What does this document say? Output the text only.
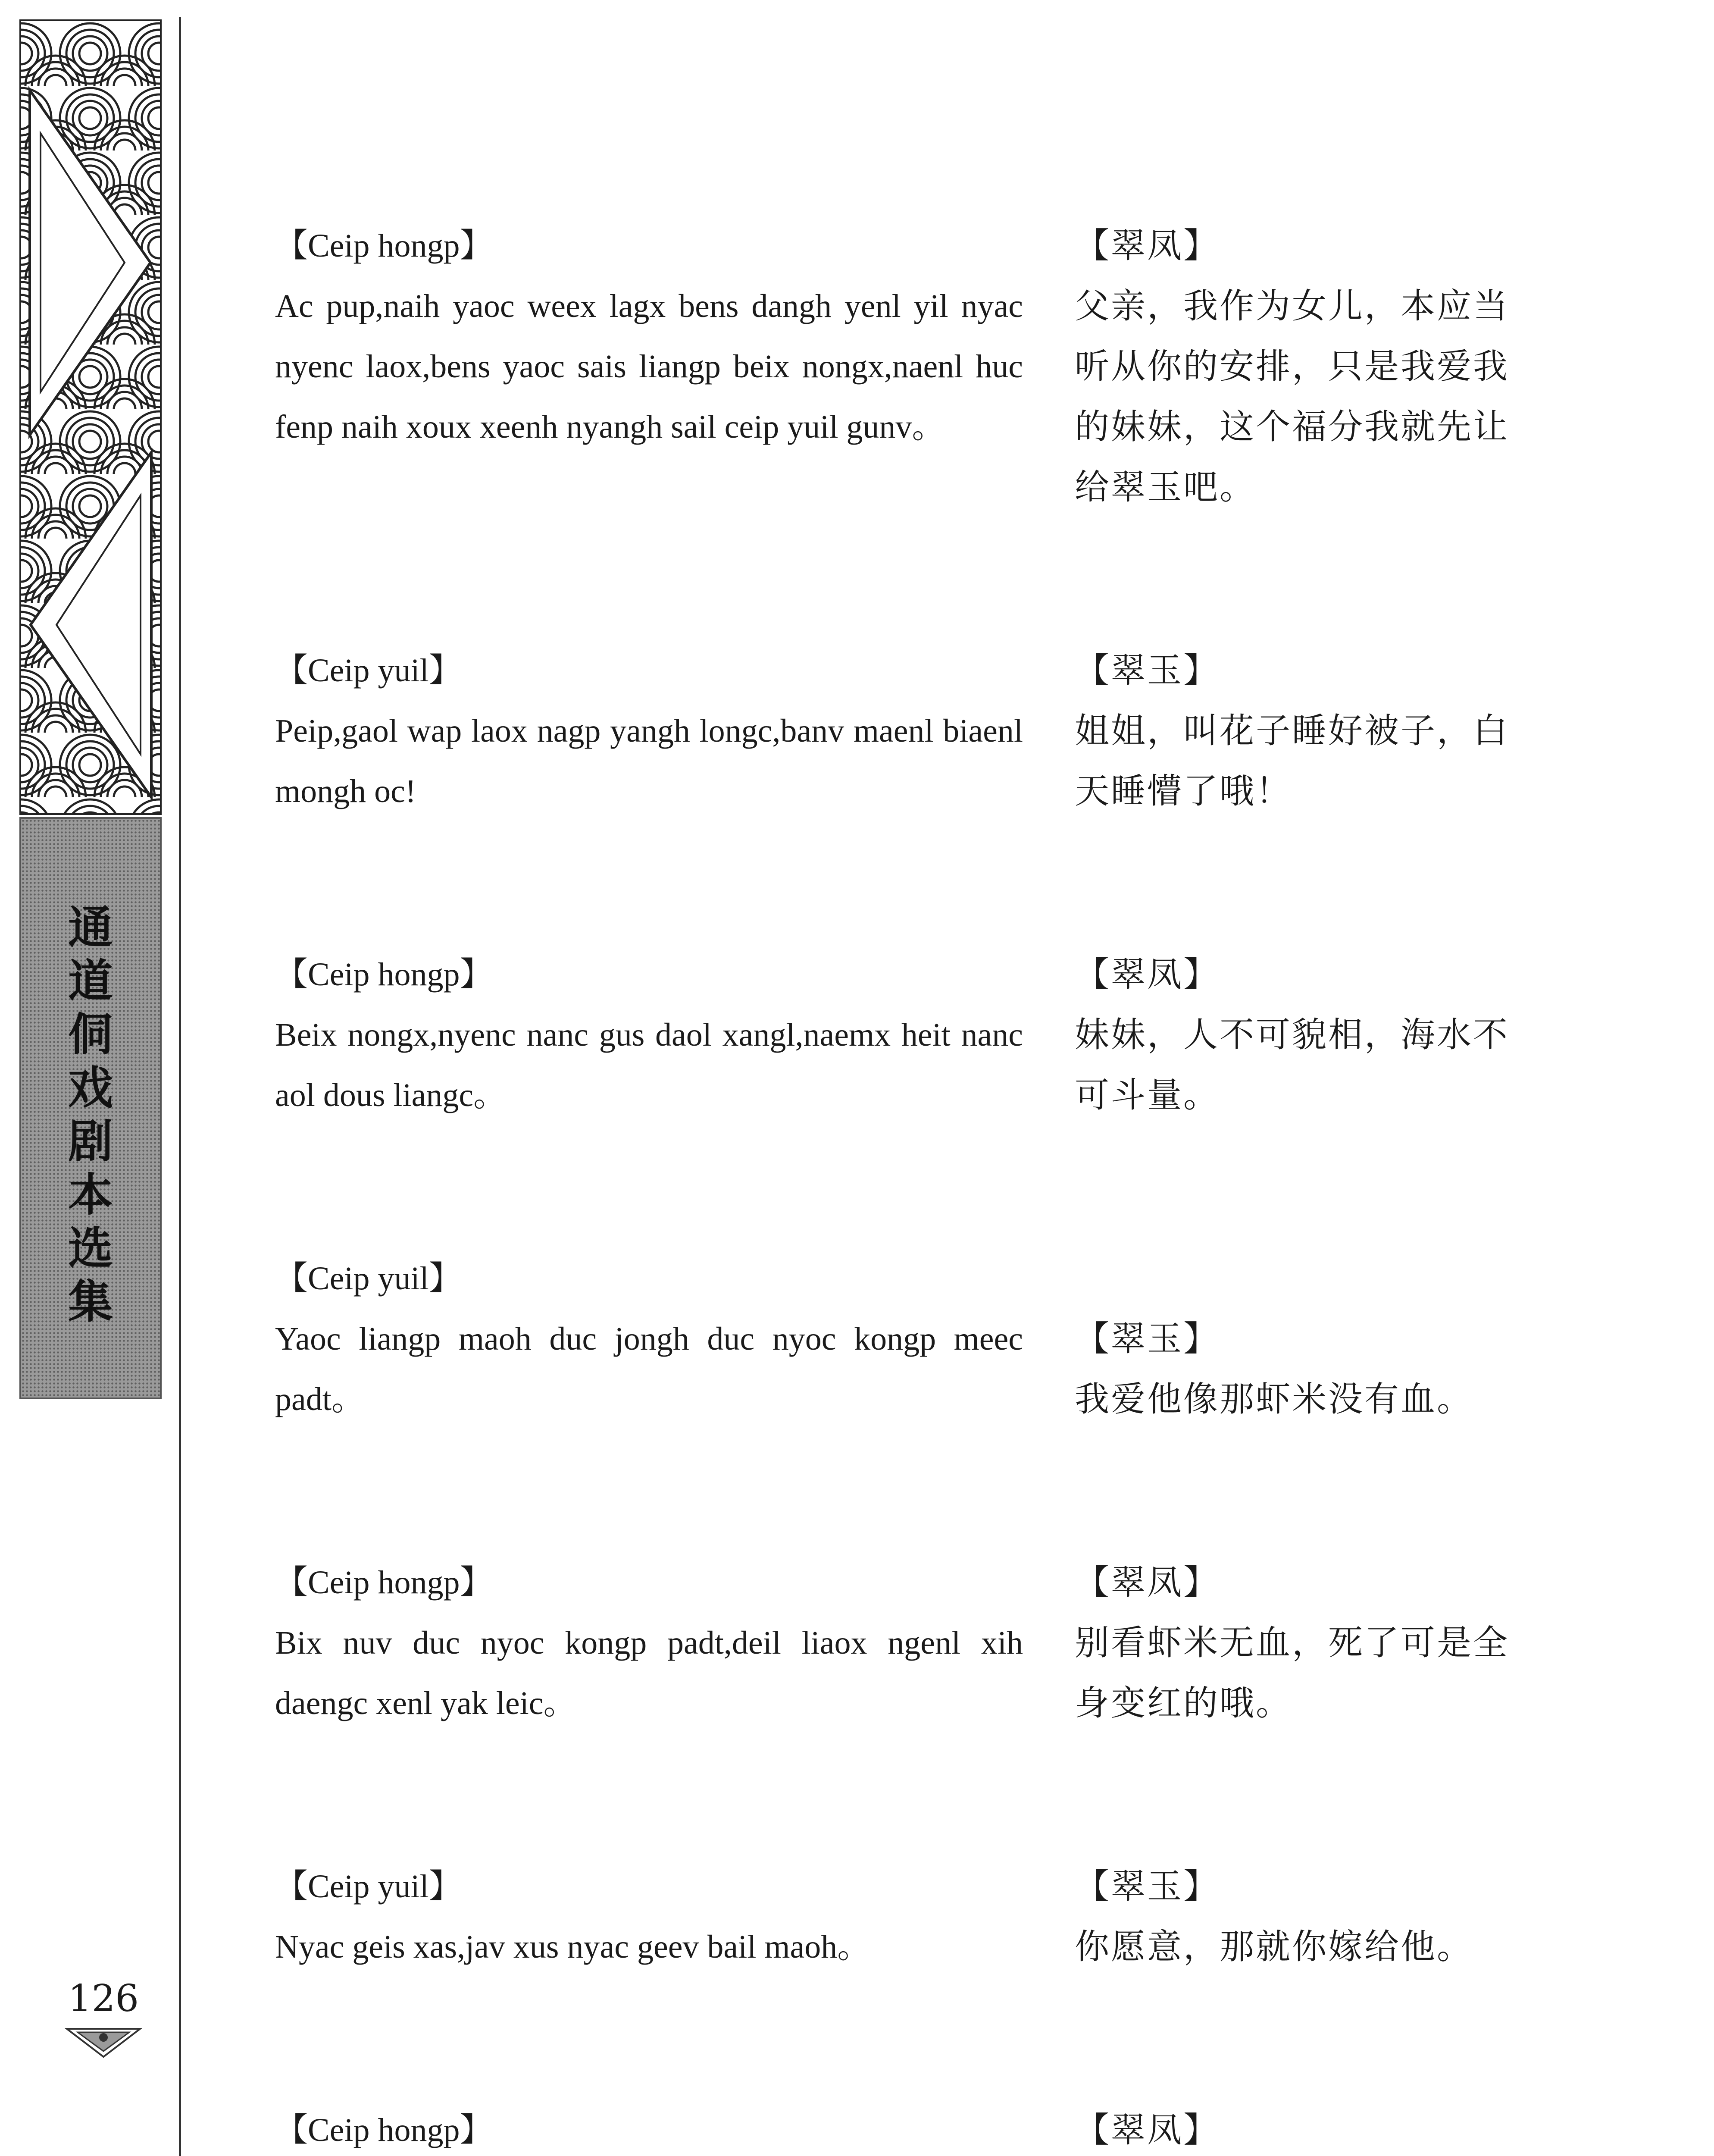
通
道
侗
戏
剧
本
选
集
126
【Ceip hongp】
Ac pup,naih yaoc weex lagx bens dangh yenl yil nyac nyenc laox,bens yaoc sais liangp beix nongx,naenl huc fenp naih xoux xeenh nyangh sail ceip yuil gunv。
【翠凤】
父亲，我作为女儿，本应当听从你的安排，只是我爱我的妹妹，这个福分我就先让给翠玉吧。
【Ceip yuil】
Peip,gaol wap laox nagp yangh longc,banv maenl biaenl mongh oc!
【翠玉】
姐姐，叫花子睡好被子，白天睡懵了哦！
【Ceip hongp】
Beix nongx,nyenc nanc gus daol xangl,naemx heit nanc aol dous liangc。
【翠凤】
妹妹，人不可貌相，海水不可斗量。
【Ceip yuil】
Yaoc liangp maoh duc jongh duc nyoc kongp meec padt。
【翠玉】
我爱他像那虾米没有血。
【Ceip hongp】
Bix nuv duc nyoc kongp padt,deil liaox ngenl xih daengc xenl yak leic。
【翠凤】
别看虾米无血，死了可是全身变红的哦。
【Ceip yuil】
Nyac geis xas,jav xus nyac geev bail maoh。
【翠玉】
你愿意，那就你嫁给他。
【Ceip hongp】	【翠凤】
